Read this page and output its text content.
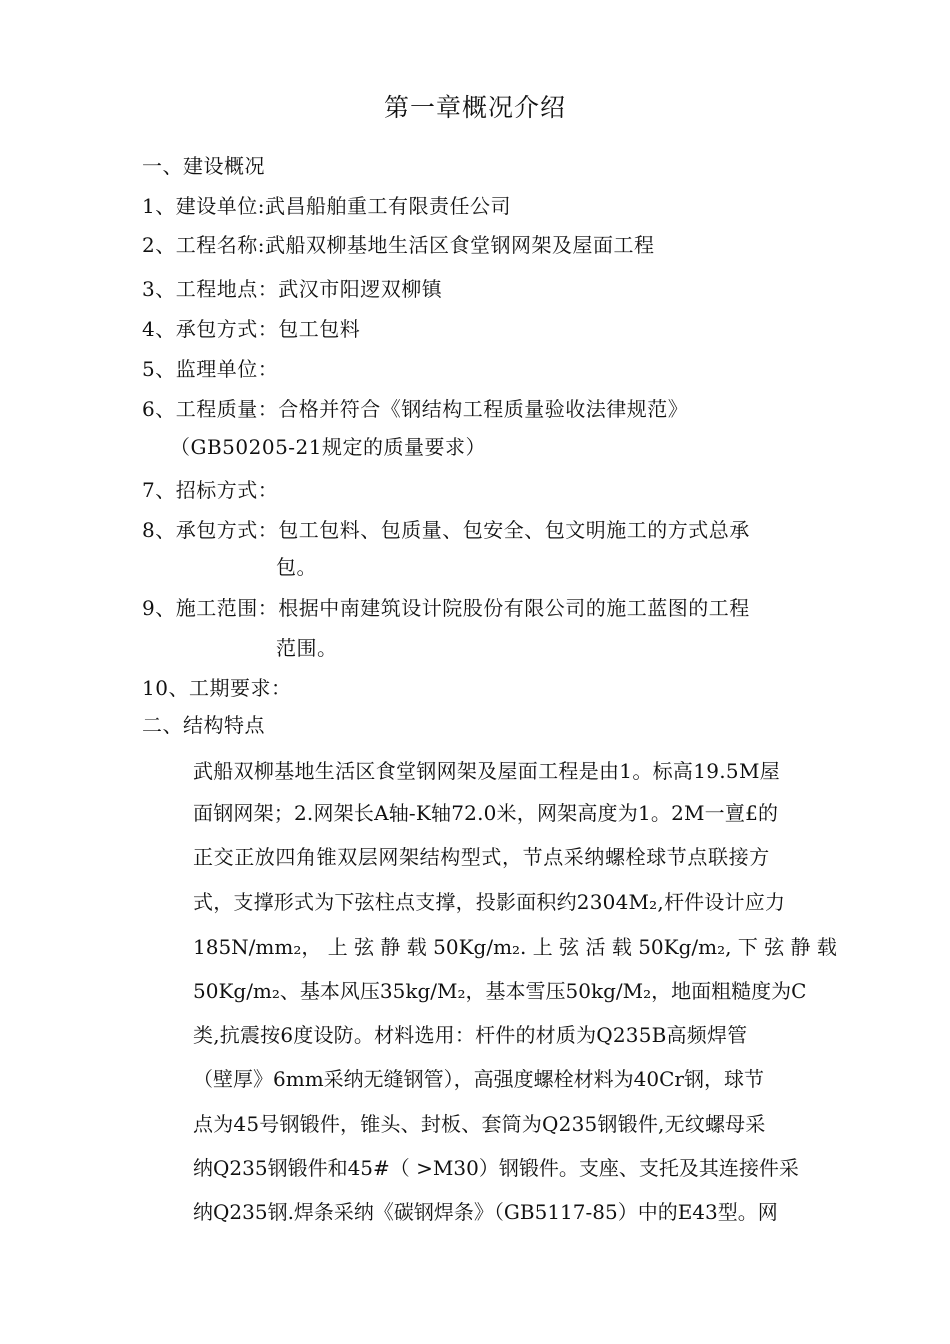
第一章概况介绍
一、建设概况
1、建设单位:武昌船舶重工有限责任公司
2、工程名称:武船双柳基地生活区食堂钢网架及屋面工程
3、工程地点：武汉市阳逻双柳镇
4、承包方式：包工包料
5、监理单位：
6、工程质量：合格并符合《钢结构工程质量验收法律规范》
（GB50205-21规定的质量要求）
7、招标方式：
8、承包方式：包工包料、包质量、包安全、包文明施工的方式总承
包。
9、施工范围：根据中南建筑设计院股份有限公司的施工蓝图的工程
范围。
10、工期要求：
二、结构特点
武船双柳基地生活区食堂钢网架及屋面工程是由1。标高19.5M屋
面钢网架；2.网架长A轴-K轴72.0米，网架高度为1。2M一亶£的
正交正放四角锥双层网架结构型式，节点采纳螺栓球节点联接方
式，支撑形式为下弦柱点支撑，投影面积约2304M₂,杆件设计应力
185N/mm₂， 上 弦 静 载 50Kg/m₂. 上 弦 活 载 50Kg/m₂, 下 弦 静 载
50Kg/m₂、基本风压35kg/M₂，基本雪压50kg/M₂，地面粗糙度为C
类,抗震按6度设防。材料选用：杆件的材质为Q235B高频焊管
（壁厚》6mm采纳无缝钢管），高强度螺栓材料为40Cr钢，球节
点为45号钢锻件，锥头、封板、套筒为Q235钢锻件,无纹螺母采
纳Q235钢锻件和45#（ >M30）钢锻件。支座、支托及其连接件采
纳Q235钢.焊条采纳《碳钢焊条》（GB5117-85）中的E43型。网
